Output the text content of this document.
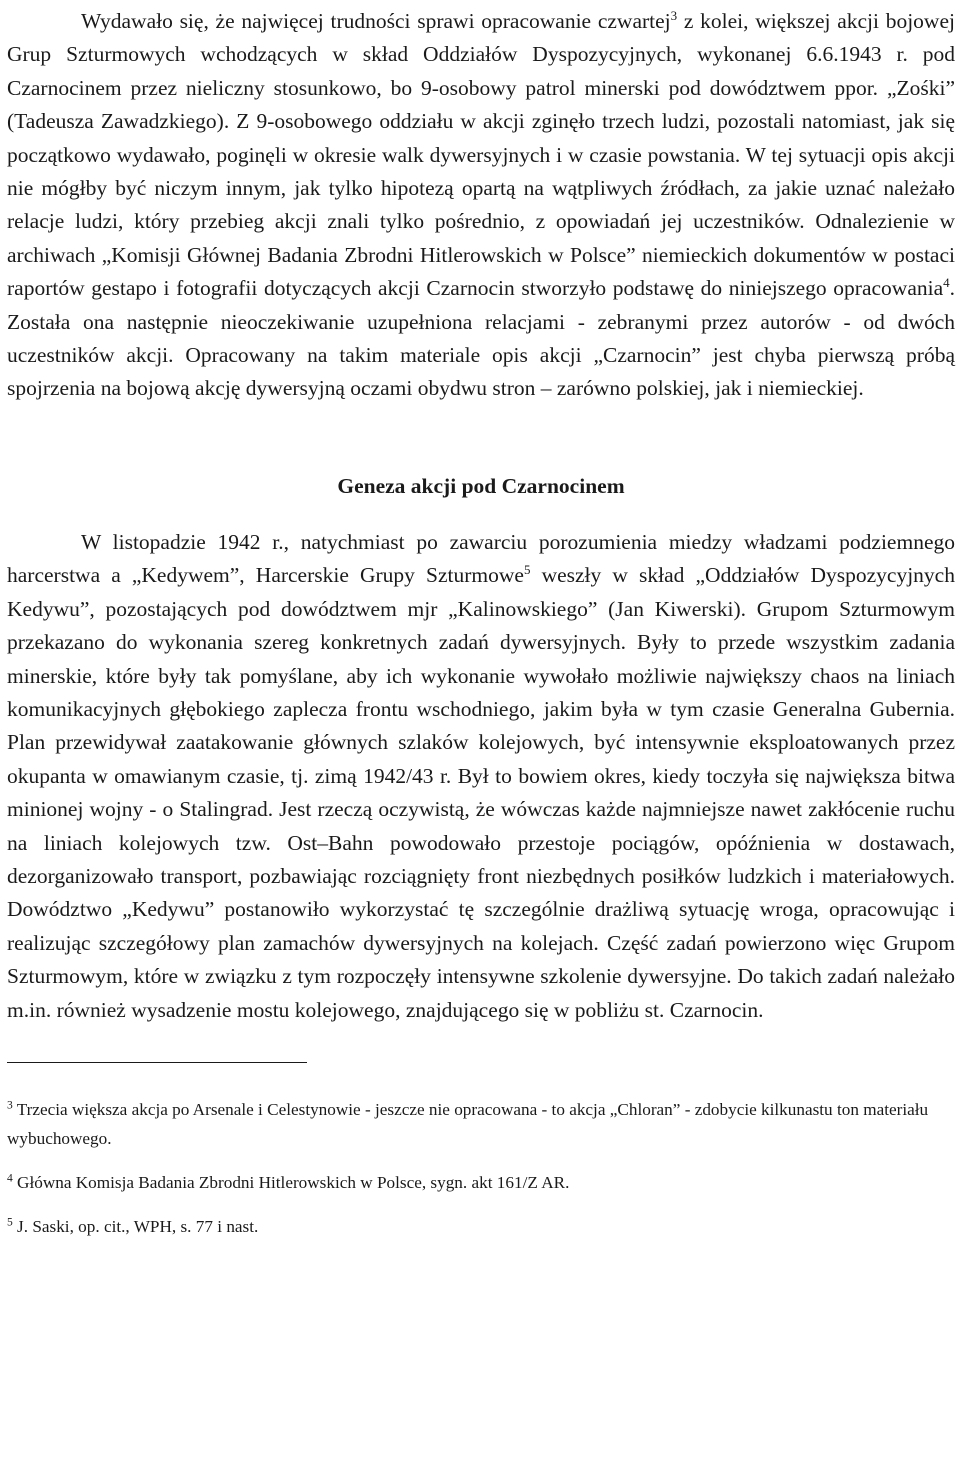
Wydawało się, że najwięcej trudności sprawi opracowanie czwartej$^3$ z kolei, większej akcji bojowej Grup Szturmowych wchodzących w skład Oddziałów Dyspozycyjnych, wykonanej 6.6.1943 r. pod Czarnocinem przez nieliczny stosunkowo, bo 9-osobowy patrol minerski pod dowództwem ppor. „Zośki” (Tadeusza Zawadzkiego). Z 9-osobowego oddziału w akcji zginęło trzech ludzi, pozostali natomiast, jak się początkowo wydawało, poginęli w okresie walk dywersyjnych i w czasie powstania. W tej sytuacji opis akcji nie mógłby być niczym innym, jak tylko hipotezą opartą na wątpliwych źródłach, za jakie uznać należało relacje ludzi, który przebieg akcji znali tylko pośrednio, z opowiadań jej uczestników. Odnalezienie w archiwach „Komisji Głównej Badania Zbrodni Hitlerowskich w Polsce” niemieckich dokumentów w postaci raportów gestapo i fotografii dotyczących akcji Czarnocin stworzyło podstawę do niniejszego opracowania$^4$. Została ona następnie nieoczekiwanie uzupełniona relacjami - zebranymi przez autorów - od dwóch uczestników akcji. Opracowany na takim materiale opis akcji „Czarnocin” jest chyba pierwszą próbą spojrzenia na bojową akcję dywersyjną oczami obydwu stron – zarówno polskiej, jak i niemieckiej.

Geneza akcji pod Czarnocinem

W listopadzie 1942 r., natychmiast po zawarciu porozumienia miedzy władzami podziemnego harcerstwa a „Kedywem”, Harcerskie Grupy Szturmowe$^5$ weszły w skład „Oddziałów Dyspozycyjnych Kedywu”, pozostających pod dowództwem mjr „Kalinowskiego” (Jan Kiwerski). Grupom Szturmowym przekazano do wykonania szereg konkretnych zadań dywersyjnych. Były to przede wszystkim zadania minerskie, które były tak pomyślane, aby ich wykonanie wywołało możliwie największy chaos na liniach komunikacyjnych głębokiego zaplecza frontu wschodniego, jakim była w tym czasie Generalna Gubernia. Plan przewidywał zaatakowanie głównych szlaków kolejowych, być intensywnie eksploatowanych przez okupanta w omawianym czasie, tj. zimą 1942/43 r. Był to bowiem okres, kiedy toczyła się największa bitwa minionej wojny - o Stalingrad. Jest rzeczą oczywistą, że wówczas każde najmniejsze nawet zakłócenie ruchu na liniach kolejowych tzw. Ost–Bahn powodowało przestoje pociągów, opóźnienia w dostawach, dezorganizowało transport, pozbawiając rozciągnięty front niezbędnych posiłków ludzkich i materiałowych. Dowództwo „Kedywu” postanowiło wykorzystać tę szczególnie drażliwą sytuację wroga, opracowując i realizując szczegółowy plan zamachów dywersyjnych na kolejach. Część zadań powierzono więc Grupom Szturmowym, które w związku z tym rozpoczęły intensywne szkolenie dywersyjne. Do takich zadań należało m.in. również wysadzenie mostu kolejowego, znajdującego się w pobliżu st. Czarnocin.

$^3$ Trzecia większa akcja po Arsenale i Celestynowie - jeszcze nie opracowana - to akcja „Chloran” - zdobycie kilkunastu ton materiału wybuchowego.

$^4$ Główna Komisja Badania Zbrodni Hitlerowskich w Polsce, sygn. akt 161/Z AR.

$^5$ J. Saski, op. cit., WPH, s. 77 i nast.
